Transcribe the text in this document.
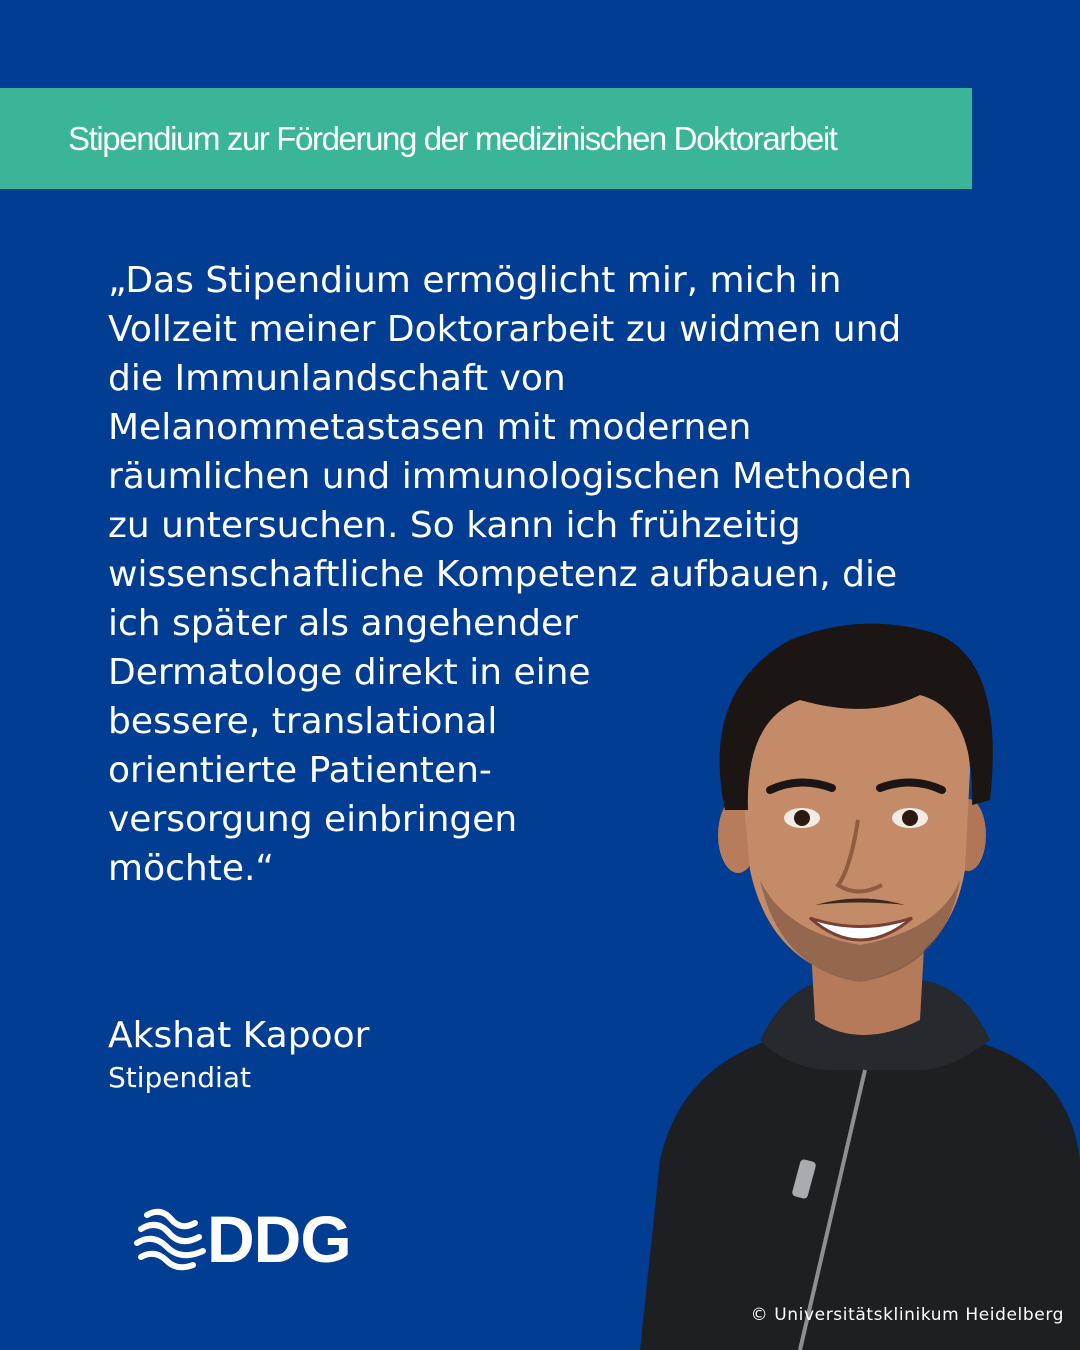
Stipendium zur Förderung der medizinischen Doktorarbeit
„Das Stipendium ermöglicht mir, mich in
Vollzeit meiner Doktorarbeit zu widmen und
die Immunlandschaft von
Melanommetastasen mit modernen
räumlichen und immunologischen Methoden
zu untersuchen. So kann ich frühzeitig
wissenschaftliche Kompetenz aufbauen, die
ich später als angehender
Dermatologe direkt in eine
bessere, translational
orientierte Patienten-
versorgung einbringen
möchte.“
Akshat Kapoor
Stipendiat
DDG
© Universitätsklinikum Heidelberg
